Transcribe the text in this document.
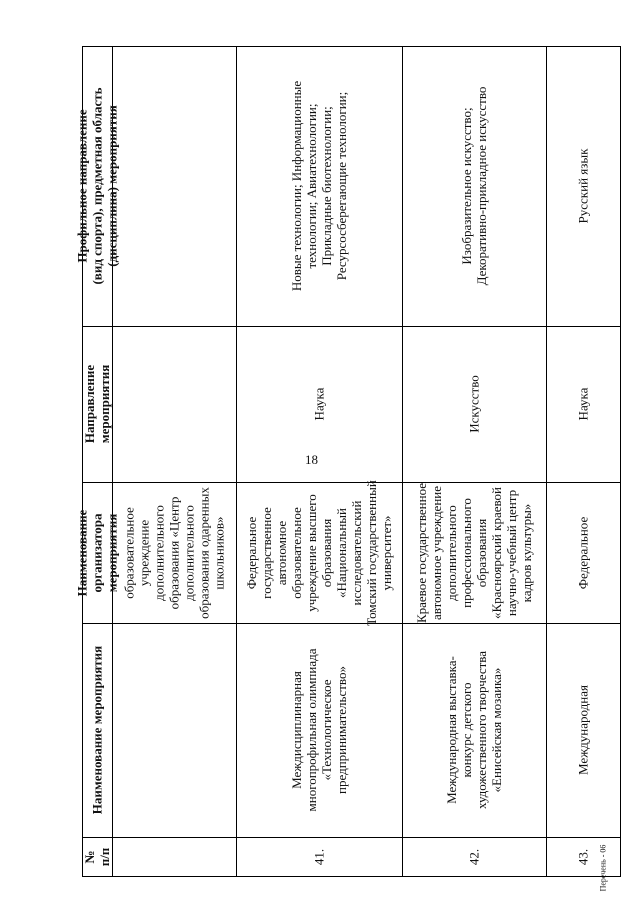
18
Профильное направление
(вид спорта), предметная область
(дисциплина) мероприятия
Направление
мероприятия
Наименование
организатора
мероприятия
Наименование мероприятия
№
п/п
образовательное
учреждение
дополнительного
образования «Центр
дополнительного
образования одаренных
школьников»
Новые технологии; Информационные
технологии; Авиатехнологии;
Прикладные биотехнологии;
Ресурсосберегающие технологии;
Наука
Федеральное
государственное
автономное
образовательное
учреждение высшего
образования
«Национальный
исследовательский
Томский государственный
университет»
Междисциплинарная
многопрофильная олимпиада
«Технологическое
предпринимательство»
41.
Изобразительное искусство;
Декоративно-прикладное искусство
Искусство
Краевое государственное
автономное учреждение
дополнительного
профессионального
образования
«Красноярский краевой
научно-учебный центр
кадров культуры»
Международная выставка-
конкурс детского
художественного творчества
«Енисейская мозаика»
42.
Русский язык
Наука
Федеральное
Международная
43. Перечень - 06
